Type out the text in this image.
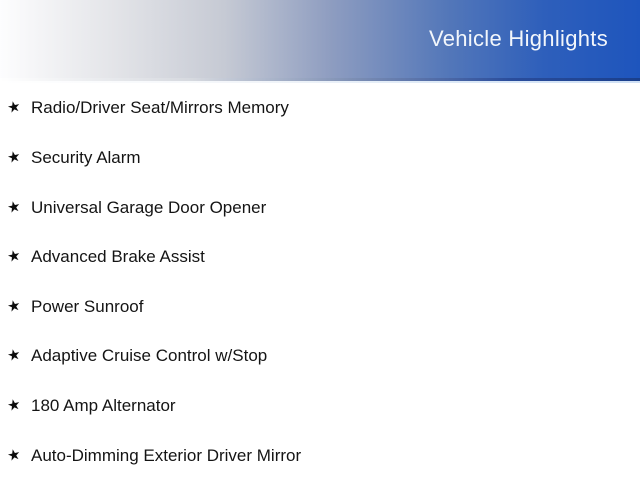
Vehicle Highlights
★ Radio/Driver Seat/Mirrors Memory
★ Security Alarm
★ Universal Garage Door Opener
★ Advanced Brake Assist
★ Power Sunroof
★ Adaptive Cruise Control w/Stop
★ 180 Amp Alternator
★ Auto-Dimming Exterior Driver Mirror
